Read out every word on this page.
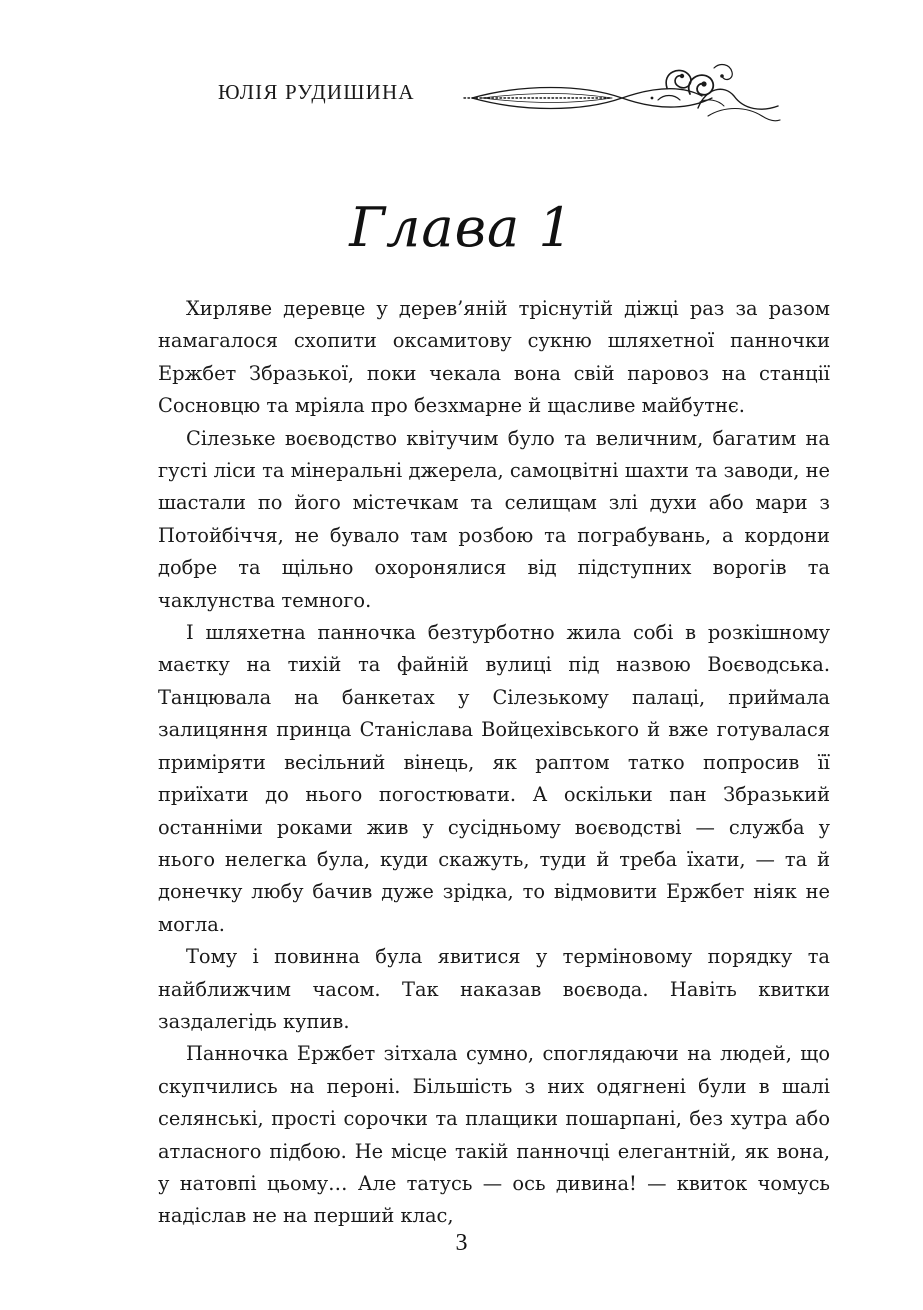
ЮЛІЯ РУДИШИНА
Глава 1

Хирляве деревце у дерев’яній тріснутій діжці раз за разом намагалося схопити оксамитову сукню шляхетної панночки Ержбет Збразької, поки чекала вона свій паровоз на станції Сосновцю та мріяла про безхмарне й щасливе майбутнє.

Сілезьке воєводство квітучим було та величним, багатим на густі ліси та мінеральні джерела, самоцвітні шахти та заводи, не шастали по його містечкам та селищам злі духи або мари з Потойбіччя, не бувало там розбою та пограбувань, а кордони добре та щільно охоронялися від підступних ворогів та чаклунства темного.

І шляхетна панночка безтурботно жила собі в розкішному маєтку на тихій та файній вулиці під назвою Воєводська. Танцювала на банкетах у Сілезькому палаці, приймала залицяння принца Станіслава Войцехівського й вже готувалася приміряти весільний вінець, як раптом татко попросив її приїхати до нього погостювати. А оскільки пан Збразький останніми роками жив у сусідньому воєводстві — служба у нього нелегка була, куди скажуть, туди й треба їхати, — та й донечку любу бачив дуже зрідка, то відмовити Ержбет ніяк не могла.

Тому і повинна була явитися у терміновому порядку та найближчим часом. Так наказав воєвода. Навіть квитки заздалегідь купив.

Панночка Ержбет зітхала сумно, споглядаючи на людей, що скупчились на пероні. Більшість з них одягнені були в шалі селянські, прості сорочки та плащики пошарпані, без хутра або атласного підбою. Не місце такій панночці елегантній, як вона, у натовпі цьому… Але татусь — ось дивина! — квиток чомусь надіслав не на перший клас,

3
